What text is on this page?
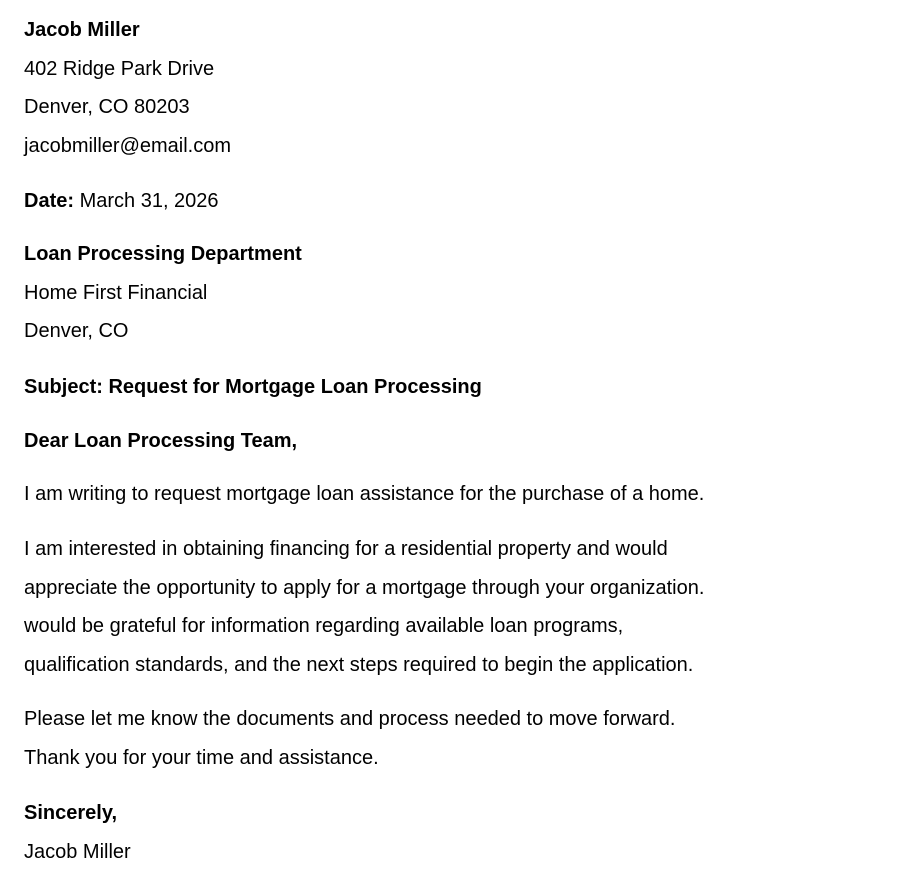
Jacob Miller
402 Ridge Park Drive
Denver, CO 80203
jacobmiller@email.com
Date: March 31, 2026
Loan Processing Department
Home First Financial
Denver, CO
Subject: Request for Mortgage Loan Processing
Dear Loan Processing Team,
I am writing to request mortgage loan assistance for the purchase of a home.
I am interested in obtaining financing for a residential property and would
appreciate the opportunity to apply for a mortgage through your organization.
would be grateful for information regarding available loan programs,
qualification standards, and the next steps required to begin the application.
Please let me know the documents and process needed to move forward.
Thank you for your time and assistance.
Sincerely,
Jacob Miller
